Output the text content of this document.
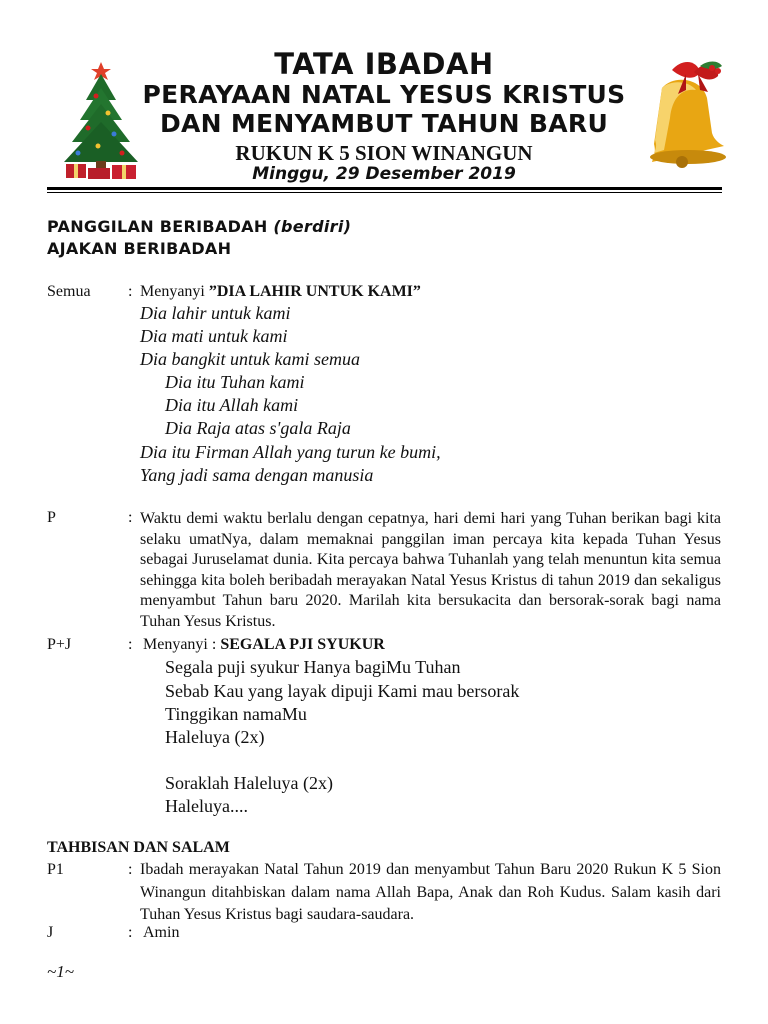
TATA IBADAH
PERAYAAN NATAL YESUS KRISTUS
DAN MENYAMBUT TAHUN BARU
RUKUN K 5 SION WINANGUN
Minggu, 29 Desember 2019
PANGGILAN BERIBADAH (berdiri)
AJAKAN BERIBADAH
Semua : Menyanyi ”DIA LAHIR UNTUK KAMI”
Dia lahir untuk kami
Dia mati untuk kami
Dia bangkit untuk kami semua
Dia itu Tuhan kami
Dia itu Allah kami
Dia Raja atas s'gala Raja
Dia itu Firman Allah yang turun ke bumi,
Yang jadi sama dengan manusia
P	: Waktu demi waktu berlalu dengan cepatnya, hari demi hari yang Tuhan berikan bagi kita selaku umatNya, dalam memaknai panggilan iman percaya kita kepada Tuhan Yesus sebagai Juruselamat dunia. Kita percaya bahwa Tuhanlah yang telah menuntun kita semua sehingga kita boleh beribadah merayakan Natal Yesus Kristus di tahun 2019 dan sekaligus menyambut Tahun baru 2020. Marilah kita bersukacita dan bersorak-sorak bagi nama Tuhan Yesus Kristus.
P+J	: Menyanyi : SEGALA PJI SYUKUR
Segala puji syukur Hanya bagiMu Tuhan
Sebab Kau yang layak dipuji Kami mau bersorak
Tinggikan namaMu
Haleluya (2x)
Soraklah Haleluya (2x)
Haleluya....
TAHBISAN DAN SALAM
P1	: Ibadah merayakan Natal Tahun 2019 dan menyambut Tahun Baru 2020 Rukun K 5 Sion Winangun ditahbiskan dalam nama Allah Bapa, Anak dan Roh Kudus. Salam kasih dari Tuhan Yesus Kristus bagi saudara-saudara.
J	: Amin
~1~
